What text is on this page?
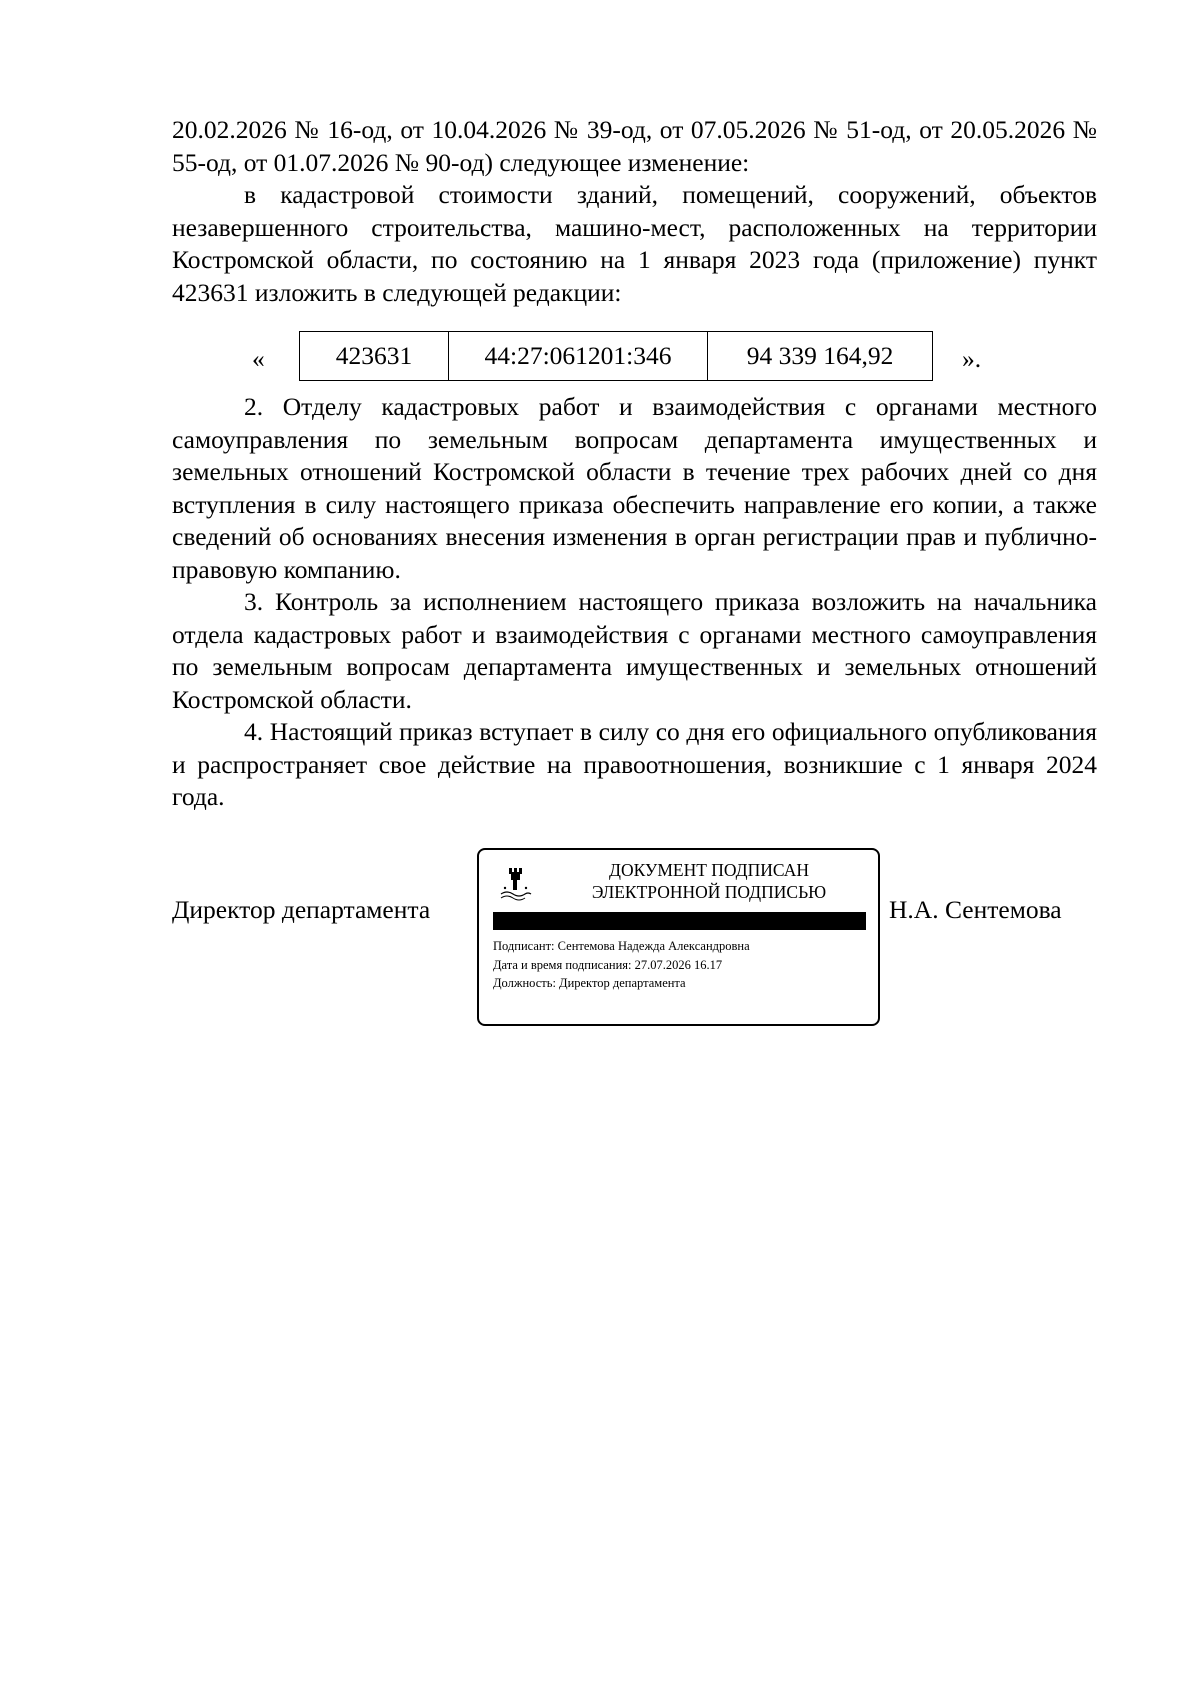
20.02.2026 № 16-од, от 10.04.2026 № 39-од, от 07.05.2026 № 51-од, от 20.05.2026 № 55-од, от 01.07.2026 № 90-од) следующее изменение:

в кадастровой стоимости зданий, помещений, сооружений, объектов незавершенного строительства, машино-мест, расположенных на территории Костромской области, по состоянию на 1 января 2023 года (приложение) пункт 423631 изложить в следующей редакции:

«	423631	44:27:061201:346	94 339 164,92	».

2. Отделу кадастровых работ и взаимодействия с органами местного самоуправления по земельным вопросам департамента имущественных и земельных отношений Костромской области в течение трех рабочих дней со дня вступления в силу настоящего приказа обеспечить направление его копии, а также сведений об основаниях внесения изменения в орган регистрации прав и публично-правовую компанию.

3. Контроль за исполнением настоящего приказа возложить на начальника отдела кадастровых работ и взаимодействия с органами местного самоуправления по земельным вопросам департамента имущественных и земельных отношений Костромской области.

4. Настоящий приказ вступает в силу со дня его официального опубликования и распространяет свое действие на правоотношения, возникшие с 1 января 2024 года.

Директор департамента
ДОКУМЕНТ ПОДПИСАН
ЭЛЕКТРОННОЙ ПОДПИСЬЮ
Подписант: Сентемова Надежда Александровна
Дата и время подписания: 27.07.2026 16.17
Должность: Директор департамента
Н.А. Сентемова
